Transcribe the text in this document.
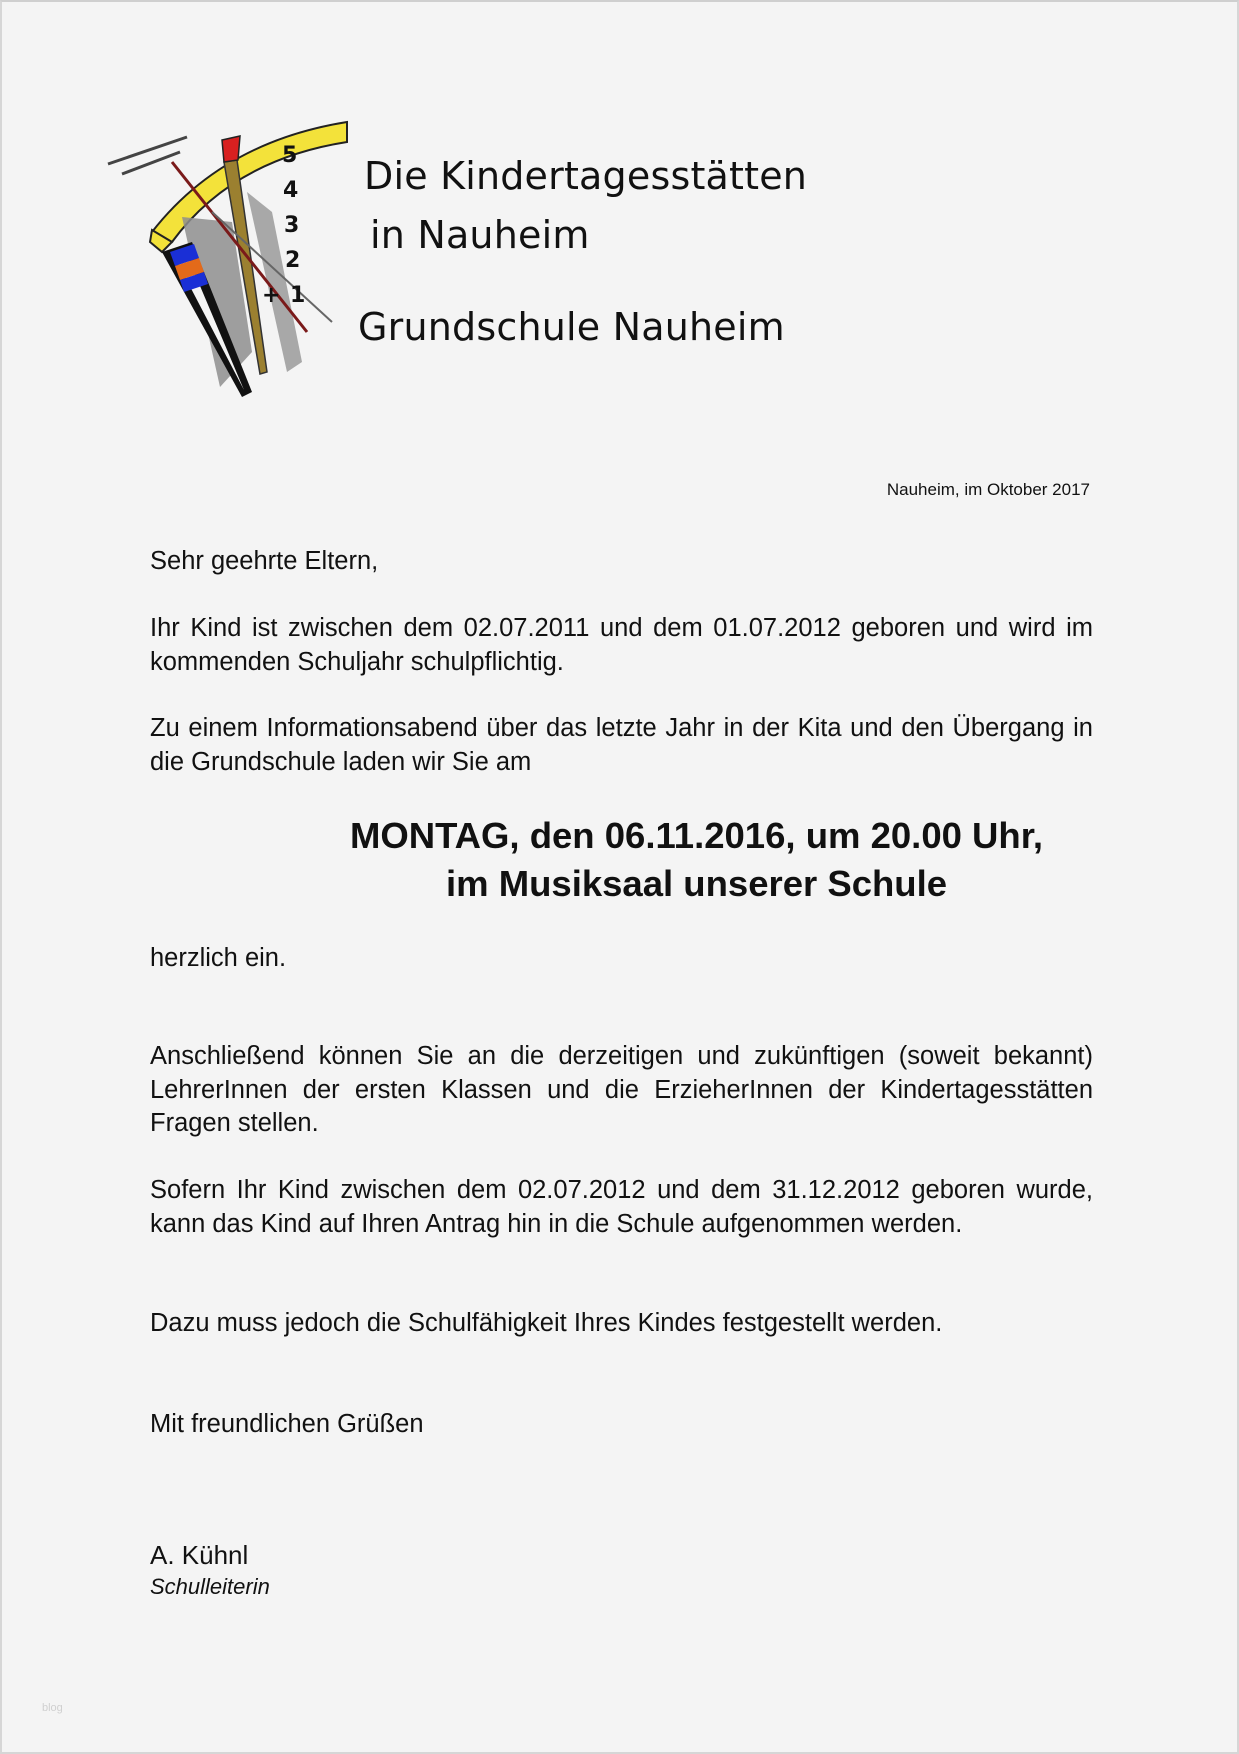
5
4
3
2
1
+
Die Kindertagesstätten
in Nauheim
Grundschule Nauheim
Nauheim, im Oktober 2017
Sehr geehrte Eltern,
Ihr Kind ist zwischen dem 02.07.2011 und dem 01.07.2012 geboren und wird im kommenden Schuljahr schulpflichtig.
Zu einem Informationsabend über das letzte Jahr in der Kita und den Übergang in die Grundschule laden wir Sie am
MONTAG, den 06.11.2016, um 20.00 Uhr,
im Musiksaal unserer Schule
herzlich ein.
Anschließend können Sie an die derzeitigen und zukünftigen (soweit bekannt) LehrerInnen der ersten Klassen und die ErzieherInnen der Kindertagesstätten Fragen stellen.
Sofern Ihr Kind zwischen dem 02.07.2012 und dem 31.12.2012 geboren wurde, kann das Kind auf Ihren Antrag hin in die Schule aufgenommen werden.
Dazu muss jedoch die Schulfähigkeit Ihres Kindes festgestellt werden.
Mit freundlichen Grüßen
A. Kühnl
Schulleiterin
blog
